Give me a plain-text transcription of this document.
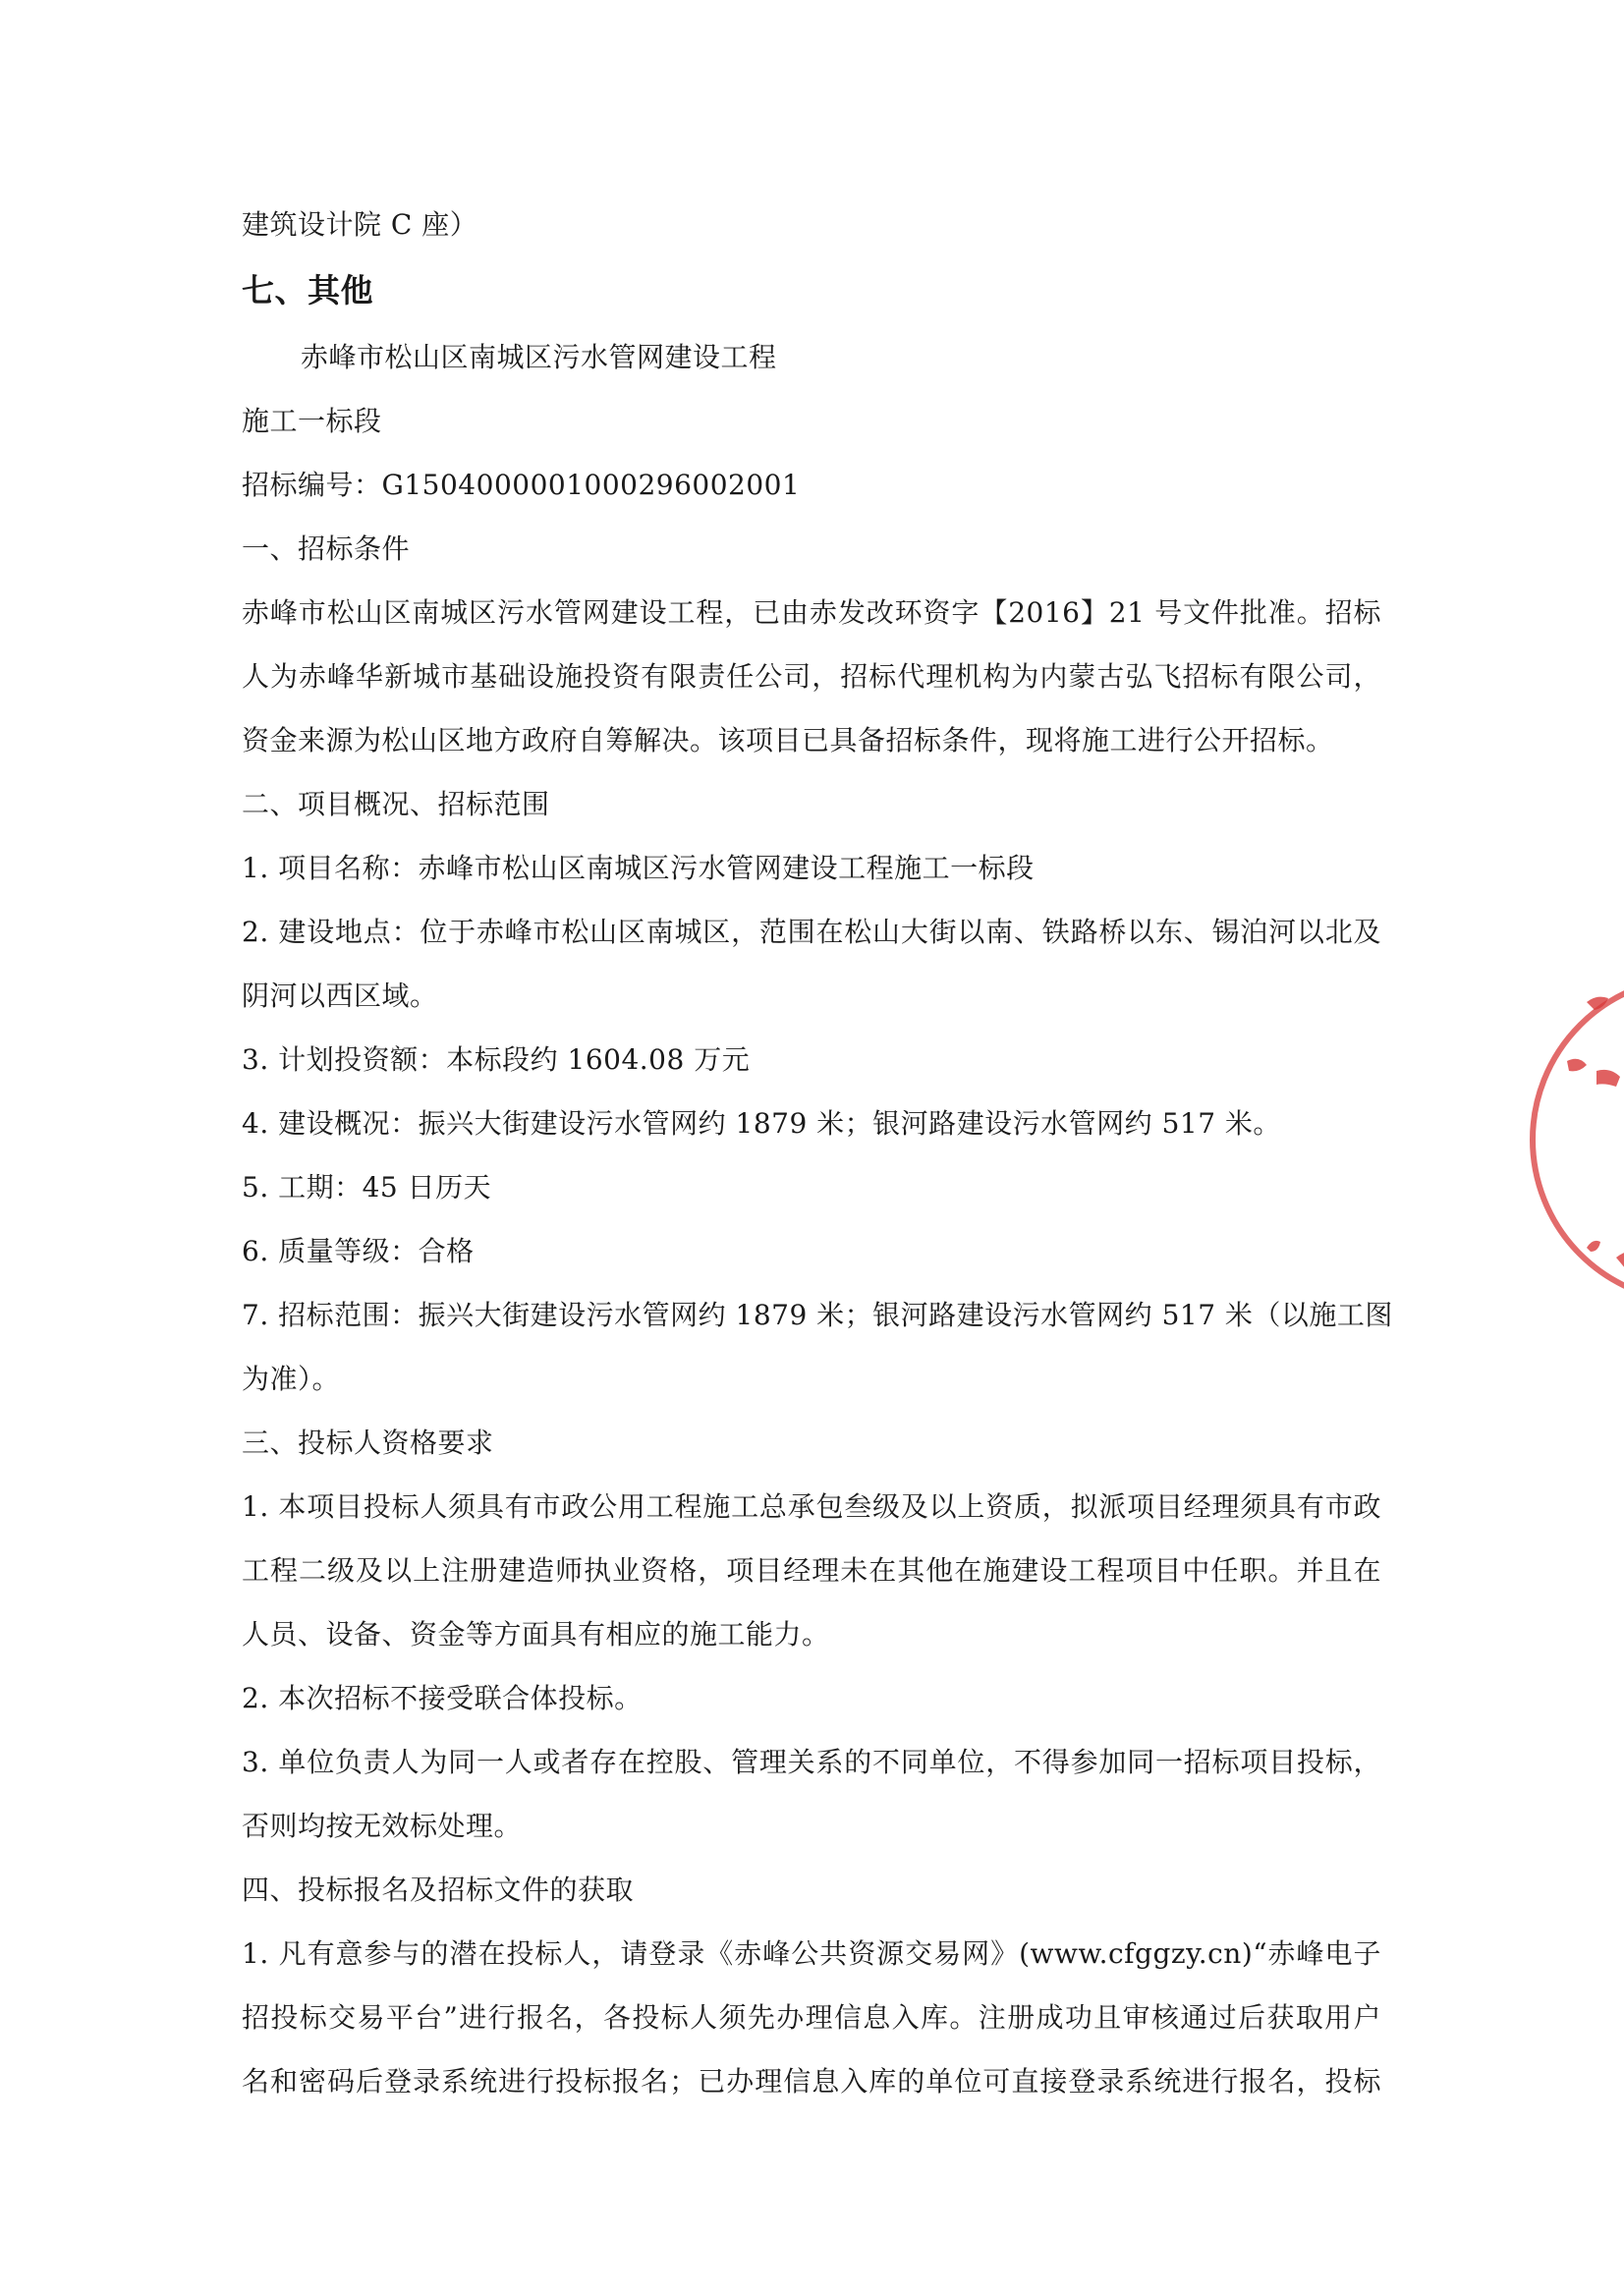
建筑设计院 C 座）
七、其他
赤峰市松山区南城区污水管网建设工程
施工一标段
招标编号：G1504000001000296002001
一、招标条件
赤峰市松山区南城区污水管网建设工程，已由赤发改环资字【2016】21 号文件批准。招标
人为赤峰华新城市基础设施投资有限责任公司，招标代理机构为内蒙古弘飞招标有限公司，
资金来源为松山区地方政府自筹解决。该项目已具备招标条件，现将施工进行公开招标。
二、项目概况、招标范围
1. 项目名称：赤峰市松山区南城区污水管网建设工程施工一标段
2. 建设地点：位于赤峰市松山区南城区，范围在松山大街以南、铁路桥以东、锡泊河以北及
阴河以西区域。
3. 计划投资额：本标段约 1604.08 万元
4. 建设概况：振兴大街建设污水管网约 1879 米；银河路建设污水管网约 517 米。
5. 工期：45 日历天
6. 质量等级：合格
7. 招标范围：振兴大街建设污水管网约 1879 米；银河路建设污水管网约 517 米（以施工图
为准）。
三、投标人资格要求
1. 本项目投标人须具有市政公用工程施工总承包叁级及以上资质，拟派项目经理须具有市政
工程二级及以上注册建造师执业资格，项目经理未在其他在施建设工程项目中任职。并且在
人员、设备、资金等方面具有相应的施工能力。
2. 本次招标不接受联合体投标。
3. 单位负责人为同一人或者存在控股、管理关系的不同单位，不得参加同一招标项目投标，
否则均按无效标处理。
四、投标报名及招标文件的获取
1. 凡有意参与的潜在投标人，请登录《赤峰公共资源交易网》(www.cfggzy.cn)“赤峰电子
招投标交易平台”进行报名，各投标人须先办理信息入库。注册成功且审核通过后获取用户
名和密码后登录系统进行投标报名；已办理信息入库的单位可直接登录系统进行报名，投标
